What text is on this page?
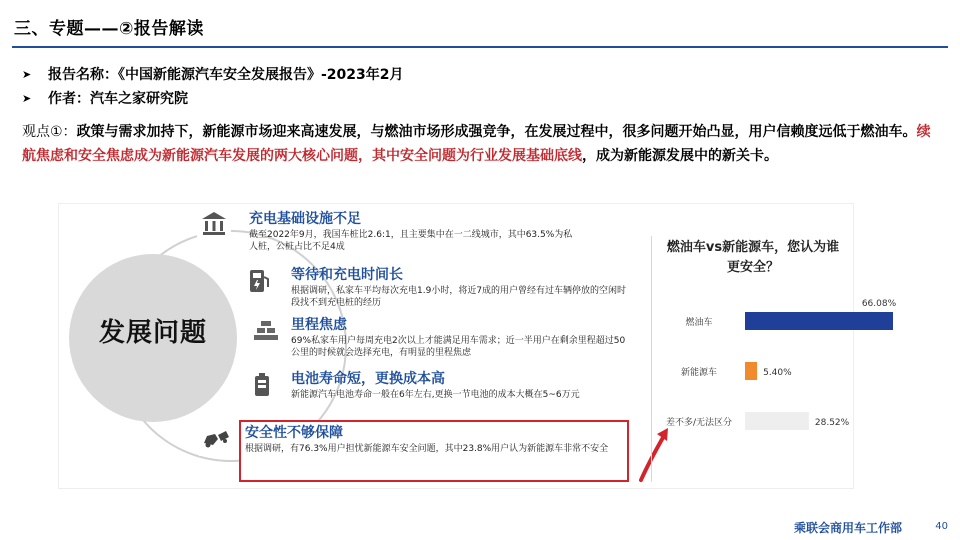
三、专题——②报告解读
➤	报告名称：《中国新能源汽车安全发展报告》-2023年2月
➤	作者：汽车之家研究院
观点①：政策与需求加持下，新能源市场迎来高速发展，与燃油市场形成强竞争，在发展过程中，很多问题开始凸显，用户信赖度远低于燃油车。续航焦虑和安全焦虑成为新能源汽车发展的两大核心问题，其中安全问题为行业发展基础底线，成为新能源发展中的新关卡。
发展问题
充电基础设施不足
截至2022年9月，我国车桩比2.6:1，且主要集中在一二线城市，其中63.5%为私人桩，公桩占比不足4成
等待和充电时间长
根据调研，私家车平均每次充电1.9小时，将近7成的用户曾经有过车辆停放的空闲时段找不到充电桩的经历
里程焦虑
69%私家车用户每周充电2次以上才能满足用车需求；近一半用户在剩余里程超过50公里的时候就会选择充电，有明显的里程焦虑
电池寿命短，更换成本高
新能源汽车电池寿命一般在6年左右,更换一节电池的成本大概在5~6万元
安全性不够保障
根据调研，有76.3%用户担忧新能源车安全问题，其中23.8%用户认为新能源车非常不安全
燃油车vs新能源车，您认为谁更安全？
燃油车
66.08%
新能源车	5.40%
差不多/无法区分	28.52%
乘联会商用车工作部	40
